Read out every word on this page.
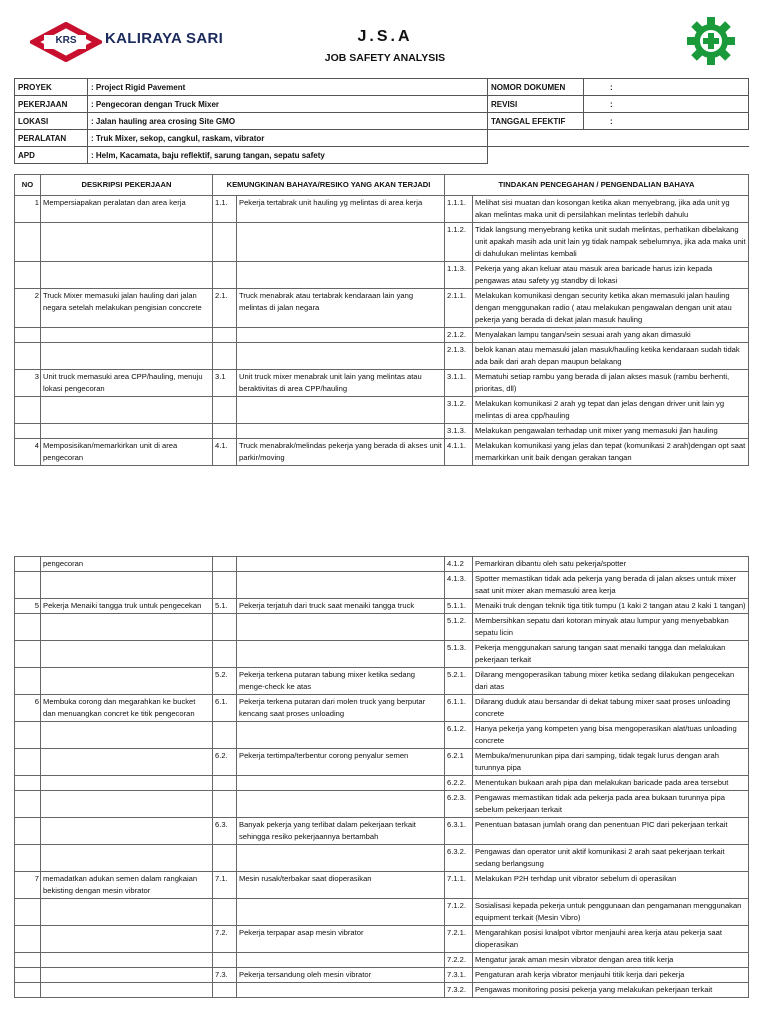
KRS KALIRAYA SARI	J.S.A
JOB SAFETY ANALYSIS
PROYEK	: Project Rigid Pavement	NOMOR DOKUMEN	:
PEKERJAAN	: Pengecoran dengan Truck Mixer	REVISI	:
LOKASI	: Jalan hauling area crosing Site GMO	TANGGAL EFEKTIF	:
PERALATAN	: Truk Mixer, sekop, cangkul, raskam, vibrator		
APD	: Helm, Kacamata, baju reflektif, sarung tangan, sepatu safety		
NO	DESKRIPSI PEKERJAAN	KEMUNGKINAN BAHAYA/RESIKO YANG AKAN TERJADI		TINDAKAN PENCEGAHAN / PENGENDALIAN BAHAYA	
1	Mempersiapakan peralatan dan area kerja	1.1.	Pekerja tertabrak unit hauling yg melintas di area kerja	1.1.1.	Melihat sisi muatan dan kosongan ketika akan menyebrang, jika ada unit yg akan melintas maka unit di persilahkan melintas terlebih dahulu
				1.1.2.	Tidak langsung menyebrang ketika unit sudah melintas, perhatikan dibelakang unit apakah masih ada unit lain yg tidak nampak sebelumnya, jika ada maka unit di dahulukan melintas kembali
				1.1.3.	Pekerja yang akan keluar atau masuk area baricade harus izin kepada pengawas atau safety yg standby di lokasi
2	Truck Mixer memasuki jalan hauling dari jalan negara setelah melakukan pengisian conccrete	2.1.	Truck menabrak atau tertabrak kendaraan lain yang melintas di jalan negara	2.1.1.	Melakukan komunikasi dengan security ketika akan memasuki jalan hauling dengan menggunakan radio ( atau melakukan pengawalan dengan unit atau pekerja yang berada di dekat jalan masuk hauling
				2.1.2.	Menyalakan lampu tangan/sein sesuai arah yang akan dimasuki
				2.1.3.	belok kanan atau memasuki jalan masuk/hauling ketika kendaraan sudah tidak ada baik dari arah depan maupun belakang
3	Unit truck memasuki area CPP/hauling, menuju lokasi pengecoran	3.1	Unit truck mixer menabrak unit lain yang melintas atau beraktivitas di area CPP/hauling	3.1.1.	Mematuhi setiap rambu yang berada di jalan akses masuk (rambu berhenti, prioritas, dll)
				3.1.2.	Melakukan komunikasi 2 arah yg tepat dan jelas dengan driver unit lain yg melintas di area cpp/hauling
				3.1.3.	Melakukan pengawalan terhadap unit mixer yang memasuki jlan hauling
4	Memposisikan/memarkirkan unit di area pengecoran	4.1.	Truck menabrak/melindas pekerja yang berada di akses unit parkir/moving	4.1.1.	Melakukan komunikasi yang jelas dan tepat (komunikasi 2 arah)dengan opt saat memarkirkan unit baik dengan gerakan tangan
	pengecoran			4.1.2	Pemarkiran dibantu oleh satu pekerja/spotter
				4.1.3.	Spotter memastikan tidak ada pekerja yang berada di jalan akses untuk mixer saat unit mixer akan memasuki area kerja
5	Pekerja Menaiki tangga truk untuk pengecekan	5.1.	Pekerja terjatuh dari truck saat menaiki tangga truck	5.1.1.	Menaiki truk dengan teknik tiga titik tumpu (1 kaki 2 tangan atau 2 kaki 1 tangan)
				5.1.2.	Membersihkan sepatu dari kotoran minyak atau lumpur yang menyebabkan sepatu licin
				5.1.3.	Pekerja menggunakan sarung tangan saat menaiki tangga dan melakukan pekerjaan terkait
		5.2.	Pekerja terkena putaran tabung mixer ketika sedang menge-check ke atas	5.2.1.	Dilarang mengoperasikan tabung mixer ketika sedang dilakukan pengecekan dari atas
6	Membuka corong dan megarahkan ke bucket dan menuangkan concret ke titik pengecoran	6.1.	Pekerja terkena putaran dari molen truck yang berputar kencang saat proses unloading	6.1.1.	Dilarang duduk atau bersandar di dekat tabung mixer saat proses unloading concrete
				6.1.2.	Hanya pekerja yang kompeten yang bisa mengoperasikan alat/tuas unloading concrete
		6.2.	Pekerja tertimpa/terbentur corong penyalur semen	6.2.1	Membuka/menurunkan pipa dari samping, tidak tegak lurus dengan arah turunnya pipa
				6.2.2.	Menentukan bukaan arah pipa dan melakukan baricade pada area tersebut
				6.2.3.	Pengawas memastikan tidak ada pekerja pada area bukaan turunnya pipa sebelum pekerjaan terkait
		6.3.	Banyak pekerja yang terlibat dalam pekerjaan terkait sehingga resiko pekerjaannya bertambah	6.3.1.	Penentuan batasan jumlah orang dan penentuan PIC dari pekerjaan terkait
				6.3.2.	Pengawas dan operator unit aktif komunikasi 2 arah saat pekerjaan terkait sedang berlangsung
7	memadatkan adukan semen dalam rangkaian bekisting dengan mesin vibrator	7.1.	Mesin rusak/terbakar saat dioperasikan	7.1.1.	Melakukan P2H terhdap unit vibrator sebelum di operasikan
				7.1.2.	Sosialisasi kepada pekerja untuk penggunaan dan pengamanan menggunakan equipment terkait (Mesin Vibro)
		7.2.	Pekerja terpapar asap mesin vibrator	7.2.1.	Mengarahkan posisi knalpot vibrtor menjauhi area kerja atau pekerja saat dioperasikan
				7.2.2.	Mengatur jarak aman mesin vibrator dengan area titik kerja
		7.3.	Pekerja tersandung oleh mesin vibrator	7.3.1.	Pengaturan arah kerja vibrator menjauhi titik kerja dari pekerja
				7.3.2.	Pengawas monitoring posisi pekerja yang melakukan pekerjaan terkait
